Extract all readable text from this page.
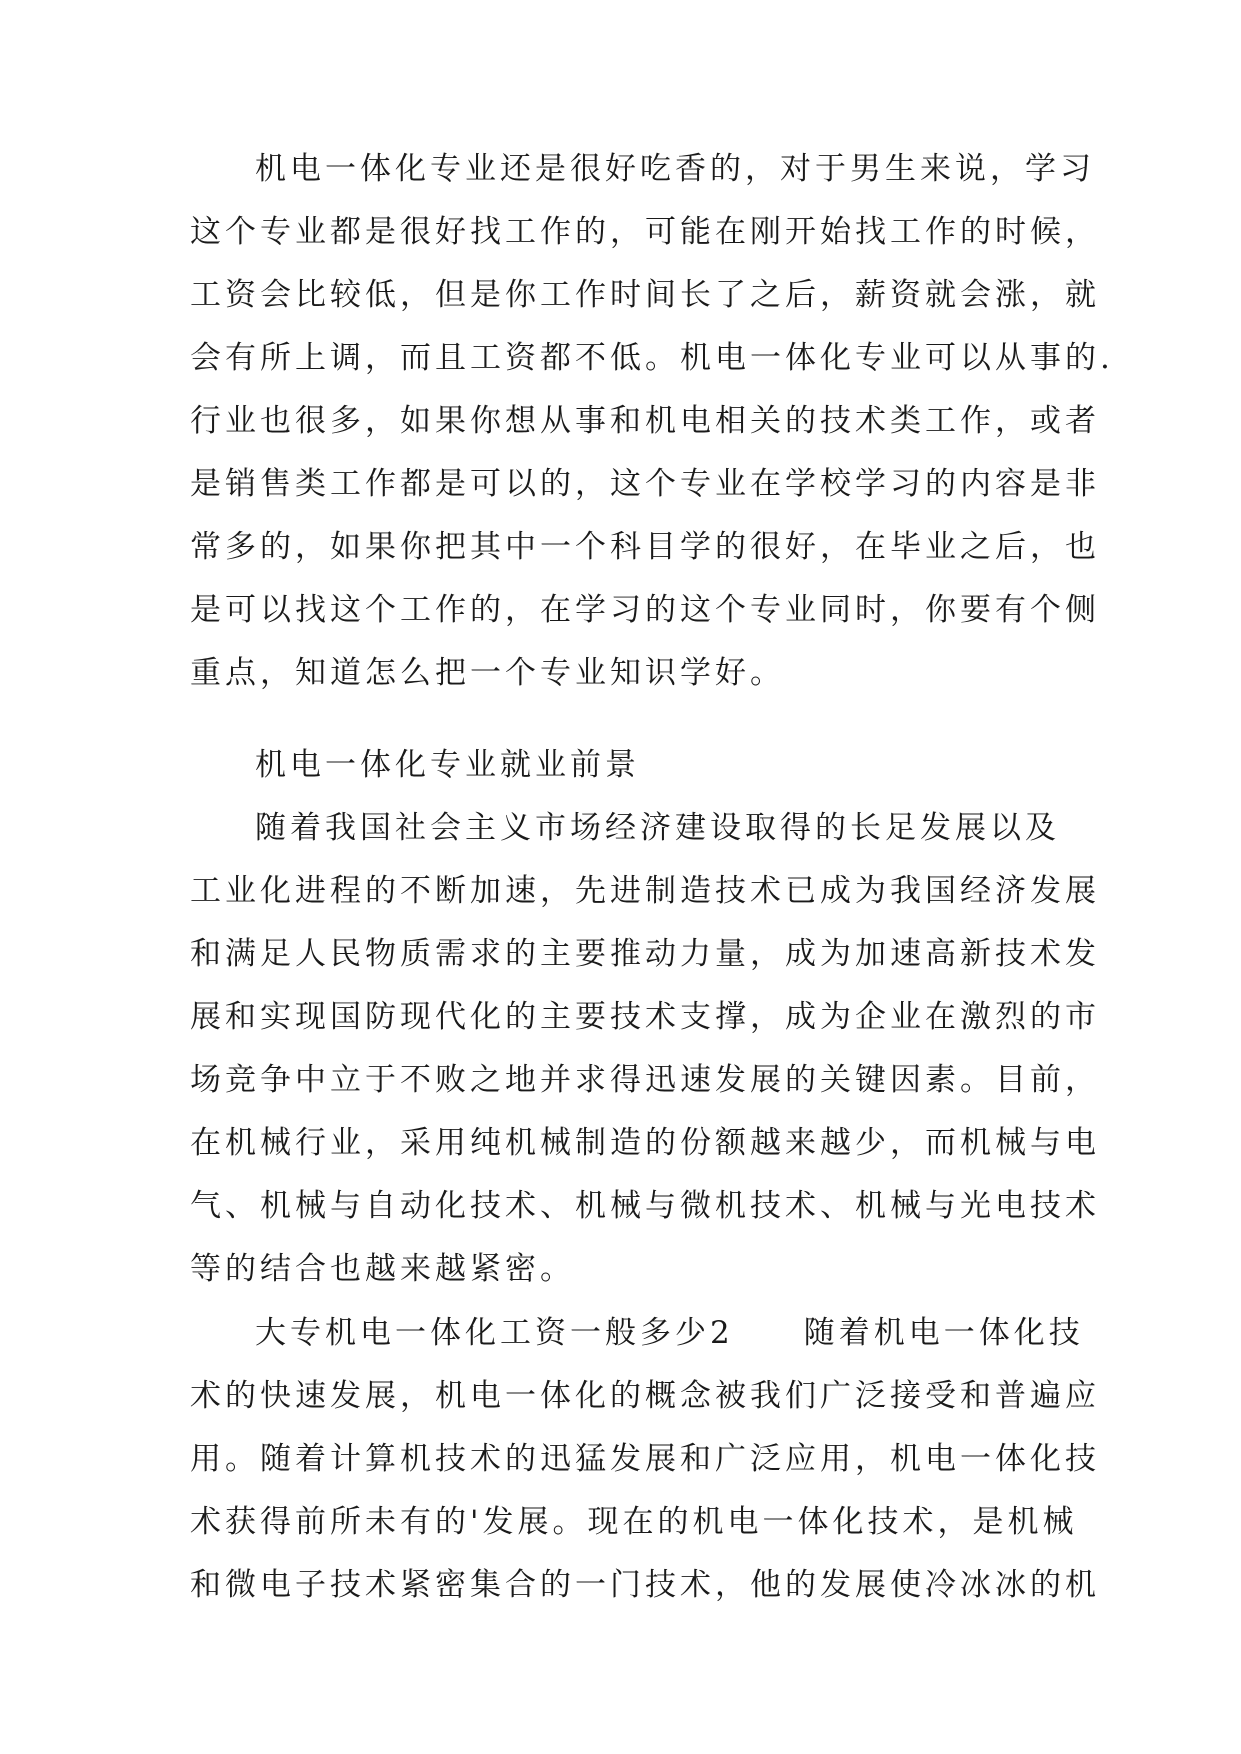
机电一体化专业还是很好吃香的，对于男生来说，学习
这个专业都是很好找工作的，可能在刚开始找工作的时候，
工资会比较低，但是你工作时间长了之后，薪资就会涨，就
会有所上调，而且工资都不低。机电一体化专业可以从事的.
行业也很多，如果你想从事和机电相关的技术类工作，或者
是销售类工作都是可以的，这个专业在学校学习的内容是非
常多的，如果你把其中一个科目学的很好，在毕业之后，也
是可以找这个工作的，在学习的这个专业同时，你要有个侧
重点，知道怎么把一个专业知识学好。
机电一体化专业就业前景
随着我国社会主义市场经济建设取得的长足发展以及
工业化进程的不断加速，先进制造技术已成为我国经济发展
和满足人民物质需求的主要推动力量，成为加速高新技术发
展和实现国防现代化的主要技术支撑，成为企业在激烈的市
场竞争中立于不败之地并求得迅速发展的关键因素。目前，
在机械行业，采用纯机械制造的份额越来越少，而机械与电
气、机械与自动化技术、机械与微机技术、机械与光电技术
等的结合也越来越紧密。
大专机电一体化工资一般多少2　　随着机电一体化技
术的快速发展，机电一体化的概念被我们广泛接受和普遍应
用。随着计算机技术的迅猛发展和广泛应用，机电一体化技
术获得前所未有的'发展。现在的机电一体化技术，是机械
和微电子技术紧密集合的一门技术，他的发展使冷冰冰的机
